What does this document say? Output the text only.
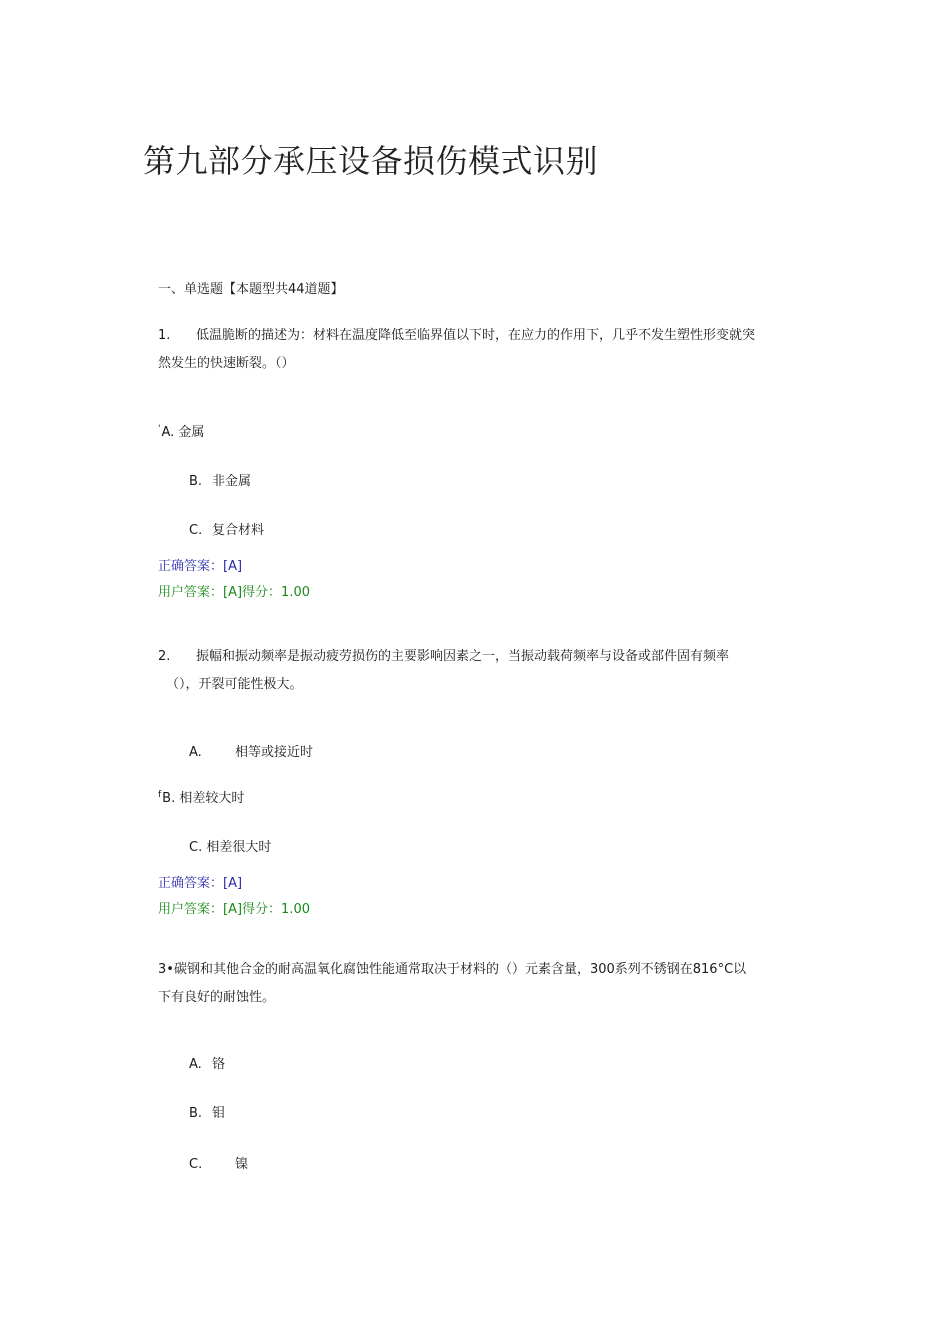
第九部分承压设备损伤模式识别
一、单选题【本题型共44道题】
1. 低温脆断的描述为：材料在温度降低至临界值以下时，在应力的作用下，几乎不发生塑性形变就突
然发生的快速断裂。（）
'A. 金属
B. 非金属
C. 复合材料
正确答案：[A]
用户答案：[A]得分：1.00
2. 振幅和振动频率是振动疲劳损伤的主要影响因素之一，当振动载荷频率与设备或部件固有频率
（），开裂可能性极大。
A.	相等或接近时
$^f$B. 相差较大时
C. 相差很大时
正确答案：[A]
用户答案：[A]得分：1.00
3•碳钢和其他合金的耐高温氧化腐蚀性能通常取决于材料的（）元素含量，300系列不锈钢在816°C以
下有良好的耐蚀性。
A. 铬
B. 钼
C.	镍
